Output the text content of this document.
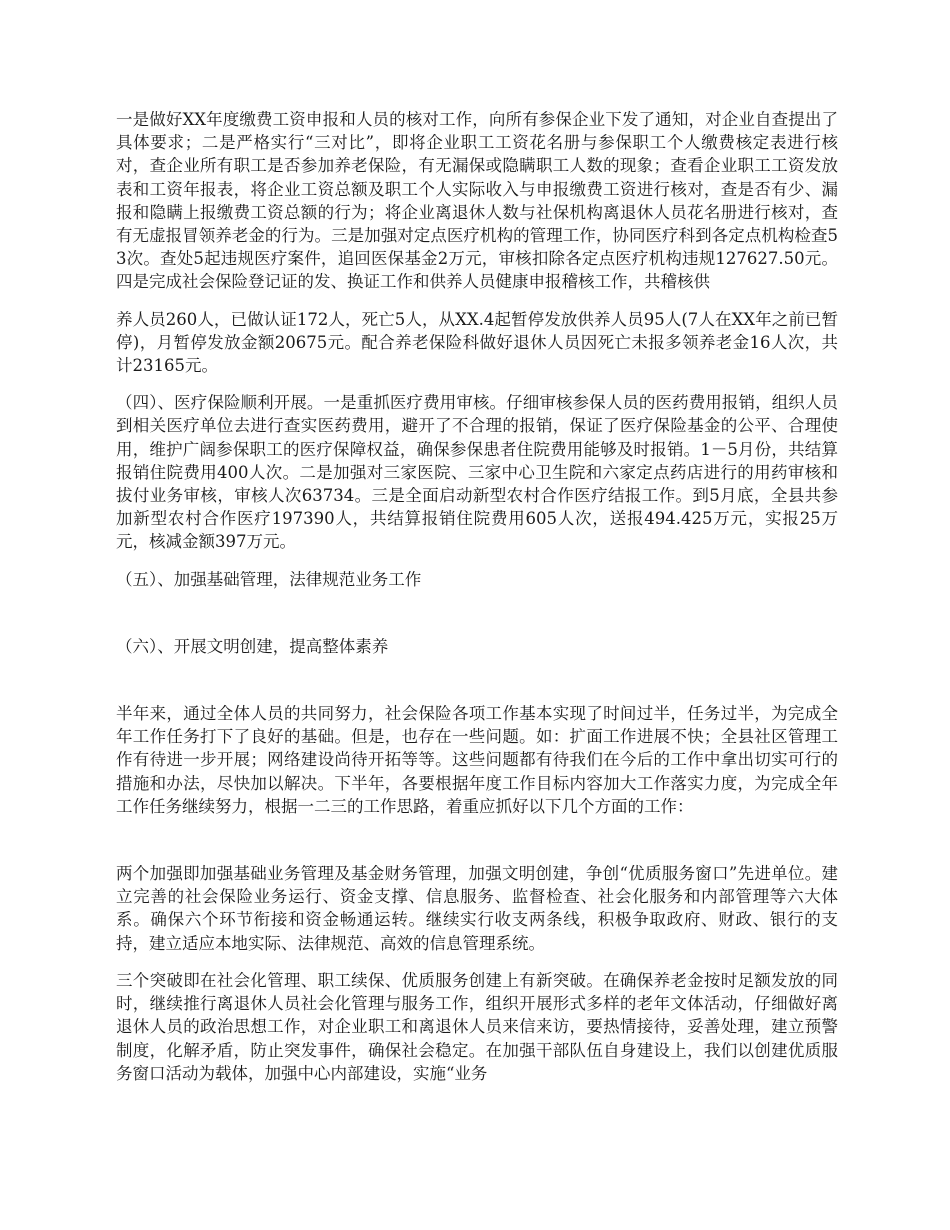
一是做好XX年度缴费工资申报和人员的核对工作，向所有参保企业下发了通知，对企业自查提出了具体要求；二是严格实行“三对比”，即将企业职工工资花名册与参保职工个人缴费核定表进行核对，查企业所有职工是否参加养老保险，有无漏保或隐瞒职工人数的现象；查看企业职工工资发放表和工资年报表，将企业工资总额及职工个人实际收入与申报缴费工资进行核对，查是否有少、漏报和隐瞒上报缴费工资总额的行为；将企业离退休人数与社保机构离退休人员花名册进行核对，查有无虚报冒领养老金的行为。三是加强对定点医疗机构的管理工作，协同医疗科到各定点机构检查53次。查处5起违规医疗案件，追回医保基金2万元，审核扣除各定点医疗机构违规127627.50元。四是完成社会保险登记证的发、换证工作和供养人员健康申报稽核工作，共稽核供

养人员260人，已做认证172人，死亡5人，从XX.4起暂停发放供养人员95人(7人在XX年之前已暂停)，月暂停发放金额20675元。配合养老保险科做好退休人员因死亡未报多领养老金16人次，共计23165元。

（四）、医疗保险顺利开展。一是重抓医疗费用审核。仔细审核参保人员的医药费用报销，组织人员到相关医疗单位去进行查实医药费用，避开了不合理的报销，保证了医疗保险基金的公平、合理使用，维护广阔参保职工的医疗保障权益，确保参保患者住院费用能够及时报销。1－5月份，共结算报销住院费用400人次。二是加强对三家医院、三家中心卫生院和六家定点药店进行的用药审核和拔付业务审核，审核人次63734。三是全面启动新型农村合作医疗结报工作。到5月底，全县共参加新型农村合作医疗197390人，共结算报销住院费用605人次，送报494.425万元，实报25万元，核减金额397万元。

（五）、加强基础管理，法律规范业务工作

（六）、开展文明创建，提高整体素养

半年来，通过全体人员的共同努力，社会保险各项工作基本实现了时间过半，任务过半，为完成全年工作任务打下了良好的基础。但是，也存在一些问题。如：扩面工作进展不快；全县社区管理工作有待进一步开展；网络建设尚待开拓等等。这些问题都有待我们在今后的工作中拿出切实可行的措施和办法，尽快加以解决。下半年，各要根据年度工作目标内容加大工作落实力度，为完成全年工作任务继续努力，根据一二三的工作思路，着重应抓好以下几个方面的工作：

两个加强即加强基础业务管理及基金财务管理，加强文明创建，争创“优质服务窗口”先进单位。建立完善的社会保险业务运行、资金支撑、信息服务、监督检查、社会化服务和内部管理等六大体系。确保六个环节衔接和资金畅通运转。继续实行收支两条线，积极争取政府、财政、银行的支持，建立适应本地实际、法律规范、高效的信息管理系统。

三个突破即在社会化管理、职工续保、优质服务创建上有新突破。在确保养老金按时足额发放的同时，继续推行离退休人员社会化管理与服务工作，组织开展形式多样的老年文体活动，仔细做好离退休人员的政治思想工作，对企业职工和离退休人员来信来访，要热情接待，妥善处理，建立预警制度，化解矛盾，防止突发事件，确保社会稳定。在加强干部队伍自身建设上，我们以创建优质服务窗口活动为载体，加强中心内部建设，实施“业务
